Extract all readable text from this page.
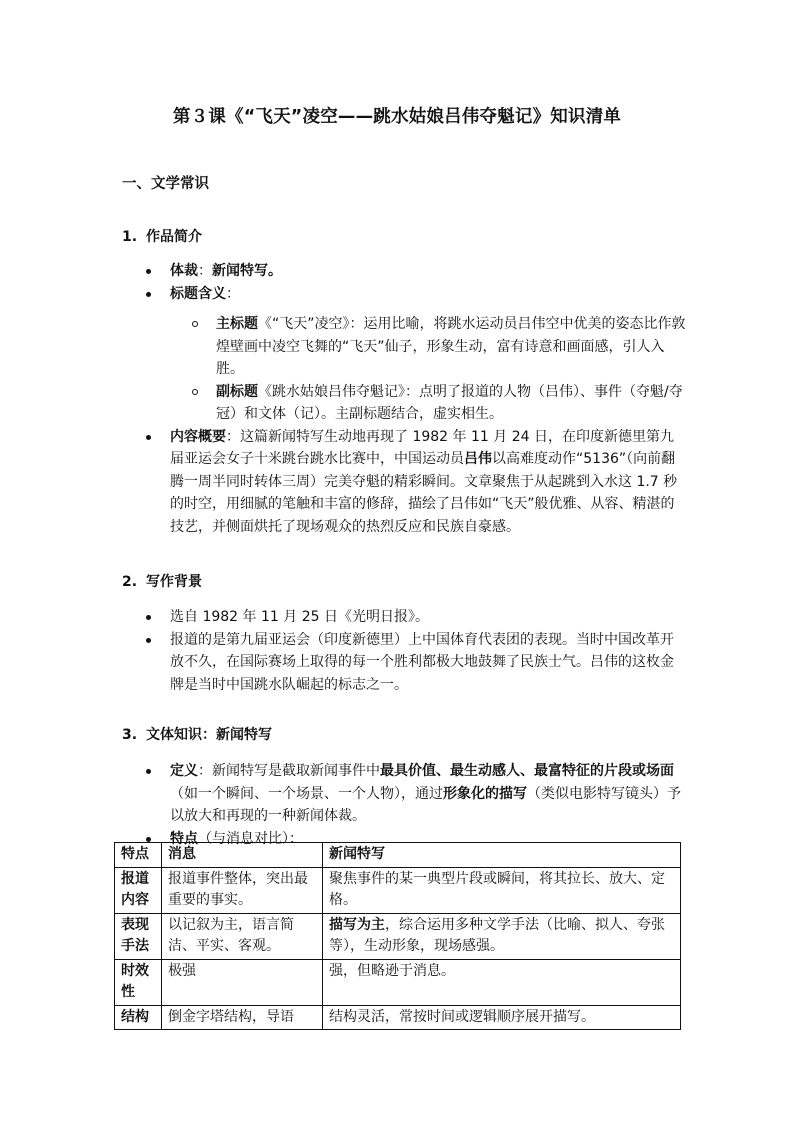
第３课《“飞天”凌空——跳水姑娘吕伟夺魁记》知识清单
一、文学常识
1. 作品简介
体裁：新闻特写。
标题含义：
主标题《“飞天”凌空》：运用比喻，将跳水运动员吕伟空中优美的姿态比作敦煌壁画中凌空飞舞的“飞天”仙子，形象生动，富有诗意和画面感，引人入胜。
副标题《跳水姑娘吕伟夺魁记》：点明了报道的人物（吕伟）、事件（夺魁/夺冠）和文体（记）。主副标题结合，虚实相生。
内容概要：这篇新闻特写生动地再现了 1982 年 11 月 24 日，在印度新德里第九届亚运会女子十米跳台跳水比赛中，中国运动员吕伟以高难度动作“5136”（向前翻腾一周半同时转体三周）完美夺魁的精彩瞬间。文章聚焦于从起跳到入水这 1.7 秒的时空，用细腻的笔触和丰富的修辞，描绘了吕伟如“飞天”般优雅、从容、精湛的技艺，并侧面烘托了现场观众的热烈反应和民族自豪感。
2. 写作背景
选自 1982 年 11 月 25 日《光明日报》。
报道的是第九届亚运会（印度新德里）上中国体育代表团的表现。当时中国改革开放不久，在国际赛场上取得的每一个胜利都极大地鼓舞了民族士气。吕伟的这枚金牌是当时中国跳水队崛起的标志之一。
3. 文体知识：新闻特写
定义：新闻特写是截取新闻事件中最具价值、最生动感人、最富特征的片段或场面（如一个瞬间、一个场景、一个人物），通过形象化的描写（类似电影特写镜头）予以放大和再现的一种新闻体裁。
特点（与消息对比）：
特点	消息	新闻特写
报道内容	报道事件整体，突出最重要的事实。	聚焦事件的某一典型片段或瞬间，将其拉长、放大、定格。
表现手法	以记叙为主，语言简洁、平实、客观。	描写为主，综合运用多种文学手法（比喻、拟人、夸张等），生动形象，现场感强。
时效性	极强	强，但略逊于消息。
结构	倒金字塔结构，导语	结构灵活，常按时间或逻辑顺序展开描写。
